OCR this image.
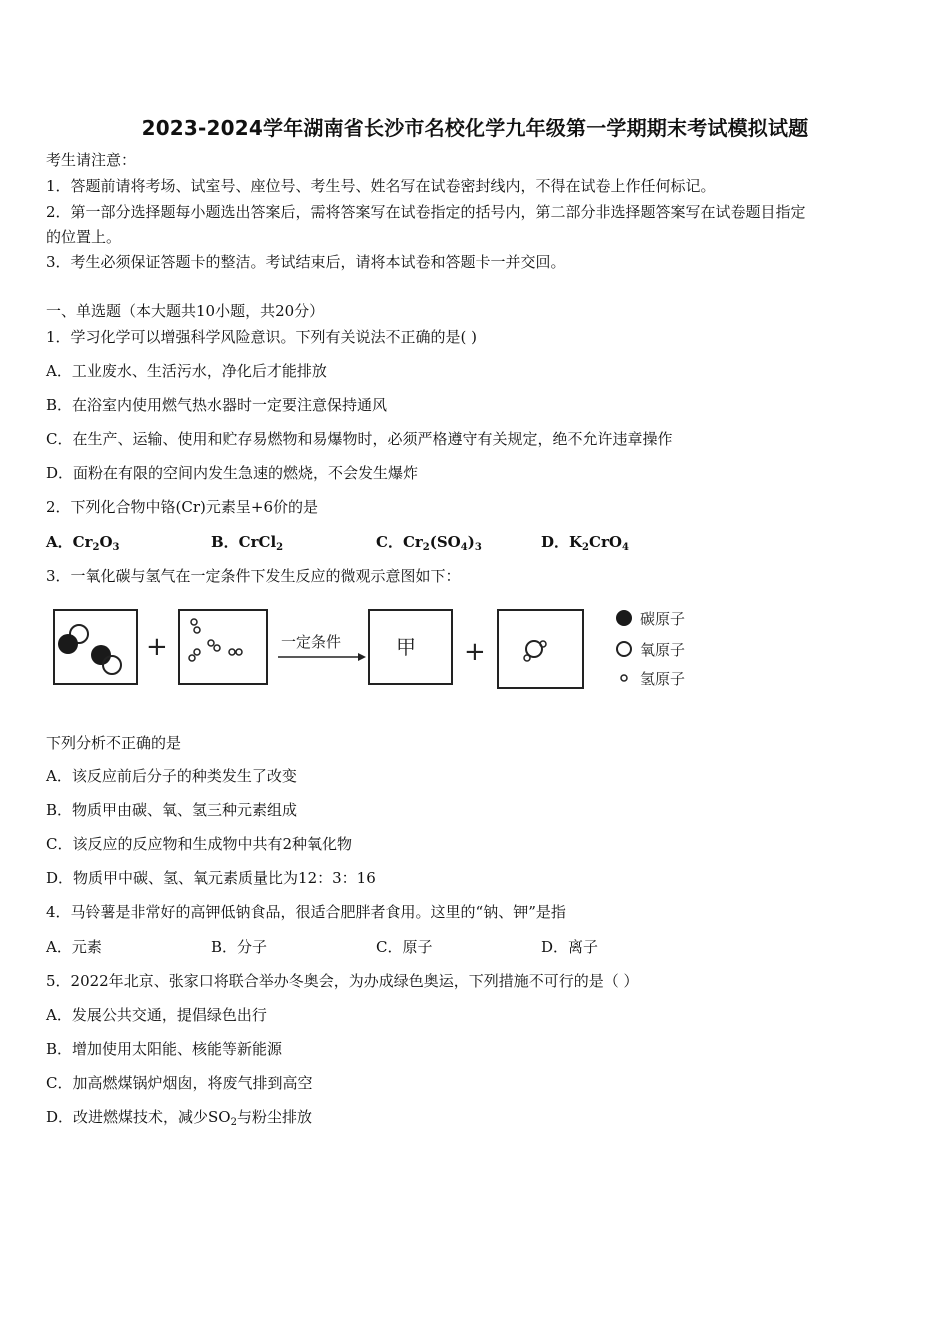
2023-2024学年湖南省长沙市名校化学九年级第一学期期末考试模拟试题
考生请注意：
1．答题前请将考场、试室号、座位号、考生号、姓名写在试卷密封线内，不得在试卷上作任何标记。
2．第一部分选择题每小题选出答案后，需将答案写在试卷指定的括号内，第二部分非选择题答案写在试卷题目指定
的位置上。
3．考生必须保证答题卡的整洁。考试结束后，请将本试卷和答题卡一并交回。
一、单选题（本大题共10小题，共20分）
1．学习化学可以增强科学风险意识。下列有关说法不正确的是( )
A．工业废水、生活污水，净化后才能排放
B．在浴室内使用燃气热水器时一定要注意保持通风
C．在生产、运输、使用和贮存易燃物和易爆物时，必须严格遵守有关规定，绝不允许违章操作
D．面粉在有限的空间内发生急速的燃烧，不会发生爆炸
2．下列化合物中铬(Cr)元素呈+6价的是
A．$Cr_2O_3$	B．CrCl$_2$	C．$Cr_2(SO_4)_3$	D．$K_2CrO_4$
3．一氧化碳与氢气在一定条件下发生反应的微观示意图如下：
+	一定条件	甲 +
碳原子
氧原子
氢原子
下列分析不正确的是
A．该反应前后分子的种类发生了改变
B．物质甲由碳、氧、氢三种元素组成
C．该反应的反应物和生成物中共有2种氧化物
D．物质甲中碳、氢、氧元素质量比为12：3：16
4．马铃薯是非常好的高钾低钠食品，很适合肥胖者食用。这里的“钠、钾”是指
A．元素	B．分子	C．原子	D．离子
5．2022年北京、张家口将联合举办冬奥会，为办成绿色奥运，下列措施不可行的是（ ）
A．发展公共交通，提倡绿色出行
B．增加使用太阳能、核能等新能源
C．加高燃煤锅炉烟囱，将废气排到高空
D．改进燃煤技术，减少$SO_2$与粉尘排放
